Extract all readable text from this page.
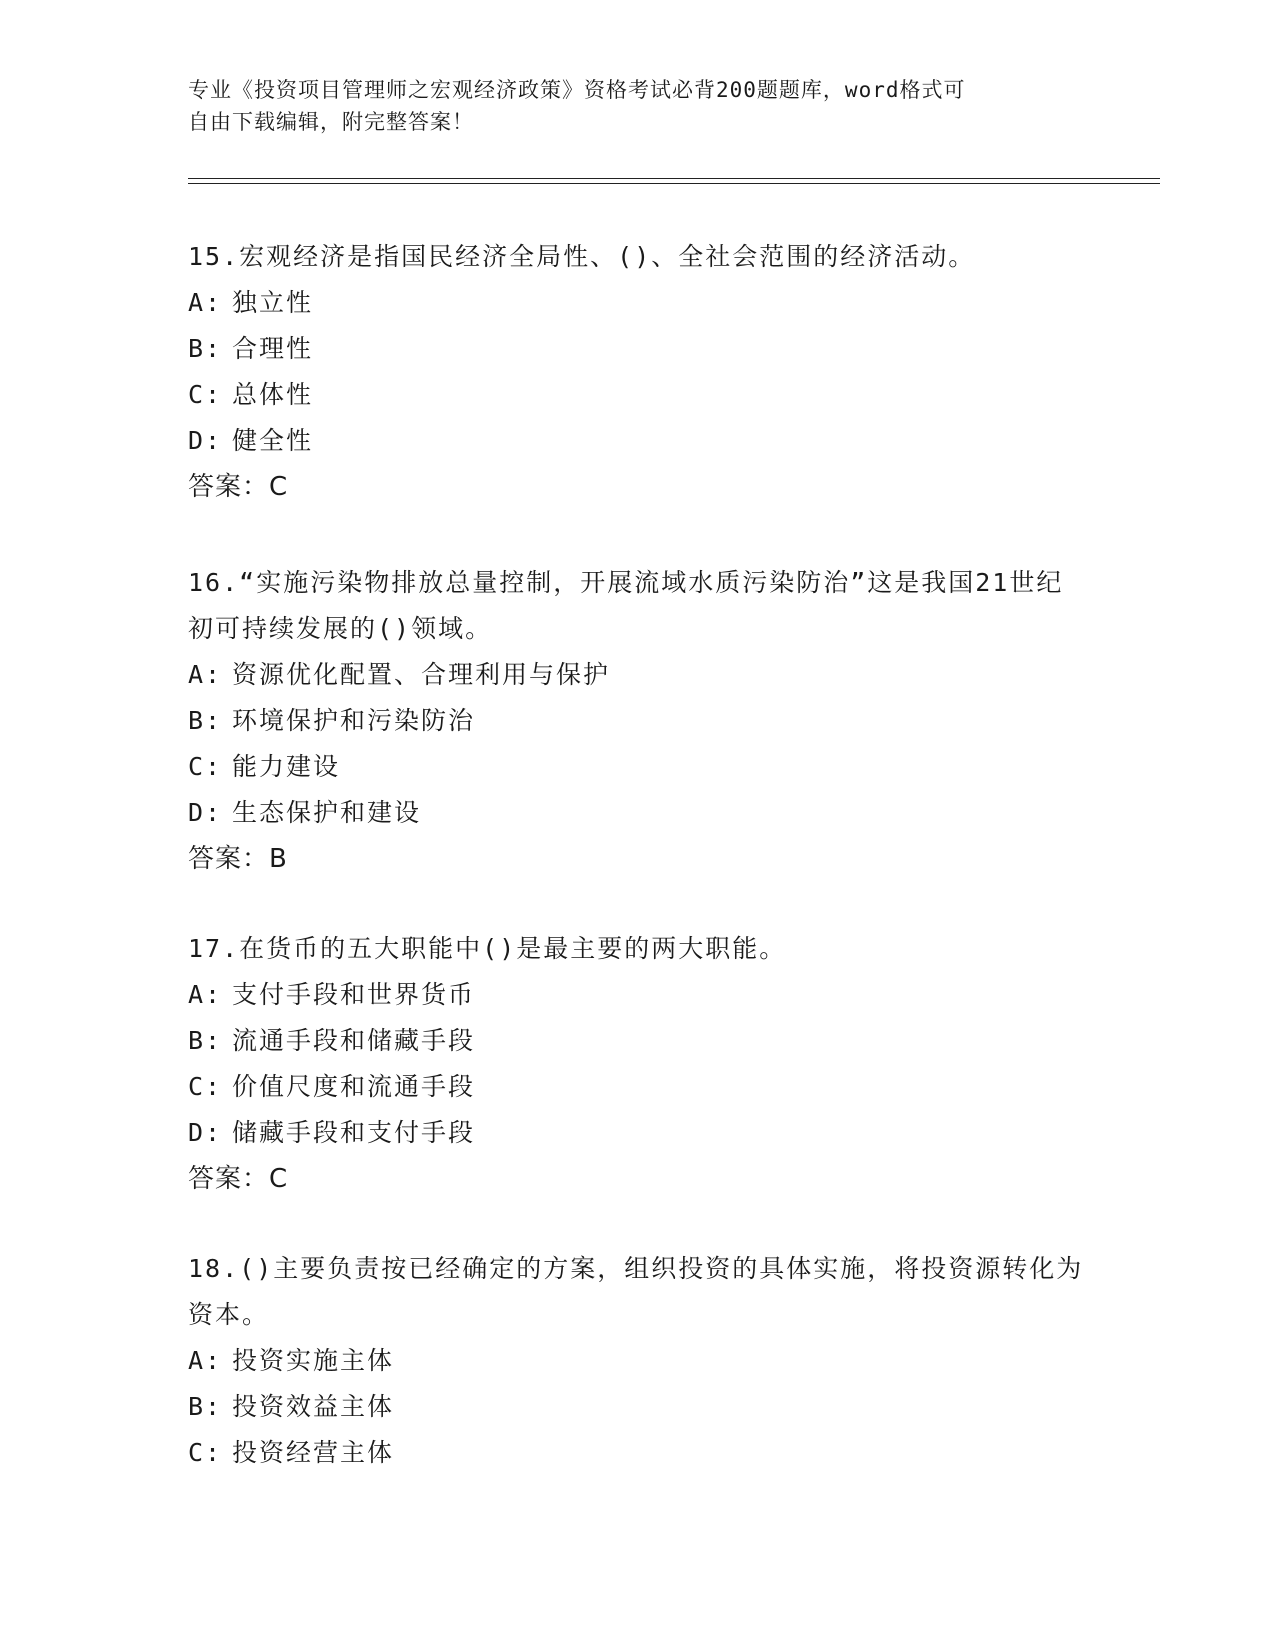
专业《投资项目管理师之宏观经济政策》资格考试必背200题题库，word格式可
自由下载编辑，附完整答案！
15.宏观经济是指国民经济全局性、()、全社会范围的经济活动。
A: 独立性
B: 合理性
C: 总体性
D: 健全性
答案：C
16.“实施污染物排放总量控制，开展流域水质污染防治”这是我国21世纪初可持续发展的()领域。
A: 资源优化配置、合理利用与保护
B: 环境保护和污染防治
C: 能力建设
D: 生态保护和建设
答案：B
17.在货币的五大职能中()是最主要的两大职能。
A: 支付手段和世界货币
B: 流通手段和储藏手段
C: 价值尺度和流通手段
D: 储藏手段和支付手段
答案：C
18.()主要负责按已经确定的方案，组织投资的具体实施，将投资源转化为资本。
A: 投资实施主体
B: 投资效益主体
C: 投资经营主体
